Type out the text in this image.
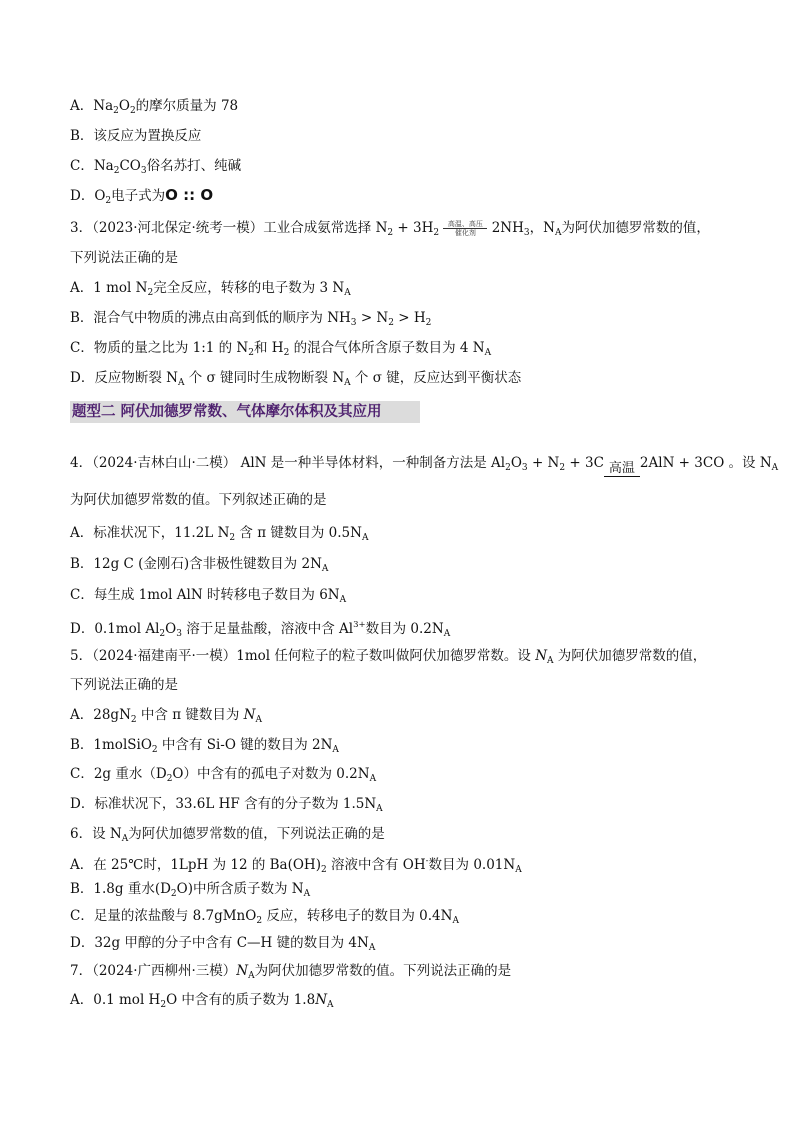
A．$Na_2O_2$的摩尔质量为 78
B．该反应为置换反应
C．$Na_2CO_3$俗名苏打、纯碱
D．$O_2$电子式为O :: O
3．（2023·河北保定·统考一模）工业合成氨常选择 $N_2 + 3H_2$
高温、高压
催化剂 $2NH_3$，$N_A$为阿伏加德罗常数的值，
下列说法正确的是
A．1 mol $N_2$完全反应，转移的电子数为 3 $N_A$
B．混合气中物质的沸点由高到低的顺序为 $NH_3 > N_2 > H_2$
C．物质的量之比为 1:1 的 $N_2$和 $H_2$ 的混合气体所含原子数目为 4 $N_A$
D．反应物断裂 $N_A$ 个 σ 键同时生成物断裂 $N_A$ 个 σ 键，反应达到平衡状态
题型二 阿伏加德罗常数、气体摩尔体积及其应用
4．（2024·吉林白山·二模） AlN 是一种半导体材料，一种制备方法是 $Al_2O_3 + N_2 + 3C$ 高温 2AlN + 3CO 。设 $N_A$
为阿伏加德罗常数的值。下列叙述正确的是
A．标准状况下，11.2L $N_2$ 含 π 键数目为 $0.5N_A$
B．12g C (金刚石)含非极性键数目为 $2N_A$
C．每生成 1mol AlN 时转移电子数目为 $6N_A$
D．0.1mol $Al_2O_3$ 溶于足量盐酸，溶液中含 $Al^{3+}$数目为 $0.2N_A$
5．（2024·福建南平·一模）1mol 任何粒子的粒子数叫做阿伏加德罗常数。设 $N_A$ 为阿伏加德罗常数的值，
下列说法正确的是
A．$28gN_2$ 中含 π 键数目为 $N_A$
B．1molSiO$_2$ 中含有 Si-O 键的数目为 $2N_A$
C．2g 重水$(D_2O)$中含有的孤电子对数为 $0.2N_A$
D．标准状况下，33.6L HF 含有的分子数为 $1.5N_A$
6．设 $N_A$为阿伏加德罗常数的值，下列说法正确的是
A．在 25℃时，1LpH 为 12 的 $Ba(OH)_2$ 溶液中含有 OH-数目为 $0.01N_A$
B．1.8g 重水$(D_2O)$中所含质子数为 $N_A$
C．足量的浓盐酸与 8.7gMnO$_2$ 反应，转移电子的数目为 $0.4N_A$
D．32g 甲醇的分子中含有 C—H 键的数目为 $4N_A$
7．（2024·广西柳州·三模）$N_A$为阿伏加德罗常数的值。下列说法正确的是
A．0.1 mol $H_2O$ 中含有的质子数为 $1.8N_A$
